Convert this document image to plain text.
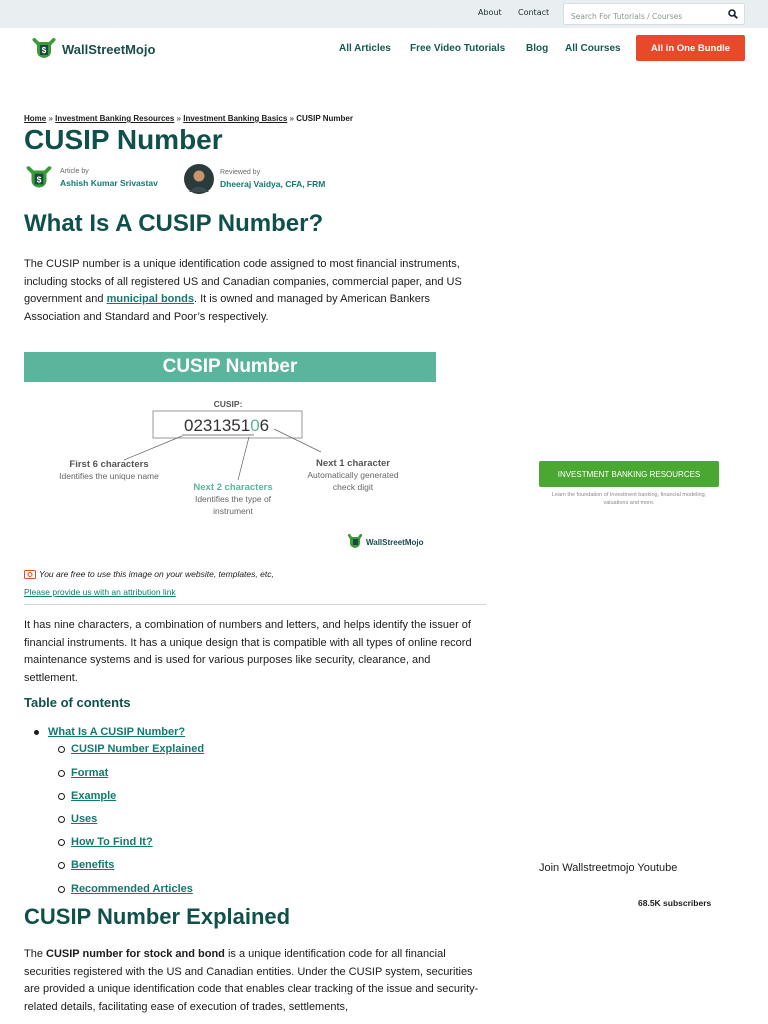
About Contact
Search For Tutorials / Courses
$ WallStreetMojo	All Articles Free Video Tutorials Blog All Courses	All in One Bundle
Home » Investment Banking Resources » Investment Banking Basics » CUSIP Number
CUSIP Number
$
Article by
Ashish Kumar Srivastav
Reviewed by
Dheeraj Vaidya, CFA, FRM
What Is A CUSIP Number?

The CUSIP number is a unique identification code assigned to most financial instruments, including stocks of all registered US and Canadian companies, commercial paper, and US government and municipal bonds. It is owned and managed by American Bankers Association and Standard and Poor’s respectively.

CUSIP Number
CUSIP:
023135106
First 6 characters
Identifies the unique name
Next 2 characters
Identifies the type of
instrument
Next 1 character
Automatically generated
check digit
WallStreetMojo
You are free to use this image on your website, templates, etc,
Please provide us with an attribution link

It has nine characters, a combination of numbers and letters, and helps identify the issuer of financial instruments. It has a unique design that is compatible with all types of online record maintenance systems and is used for various purposes like security, clearance, and settlement.

Table of contents
What Is A CUSIP Number?
CUSIP Number Explained
Format
Example
Uses
How To Find It?
Benefits
Recommended Articles
CUSIP Number Explained

The CUSIP number for stock and bond is a unique identification code for all financial securities registered with the US and Canadian entities. Under the CUSIP system, securities are provided a unique identification code that enables clear tracking of the issue and security-related details, facilitating ease of execution of trades, settlements,

INVESTMENT BANKING RESOURCES
Learn the foundation of Investment banking, financial modeling, valuations and more.
Join Wallstreetmojo Youtube
68.5K subscribers
